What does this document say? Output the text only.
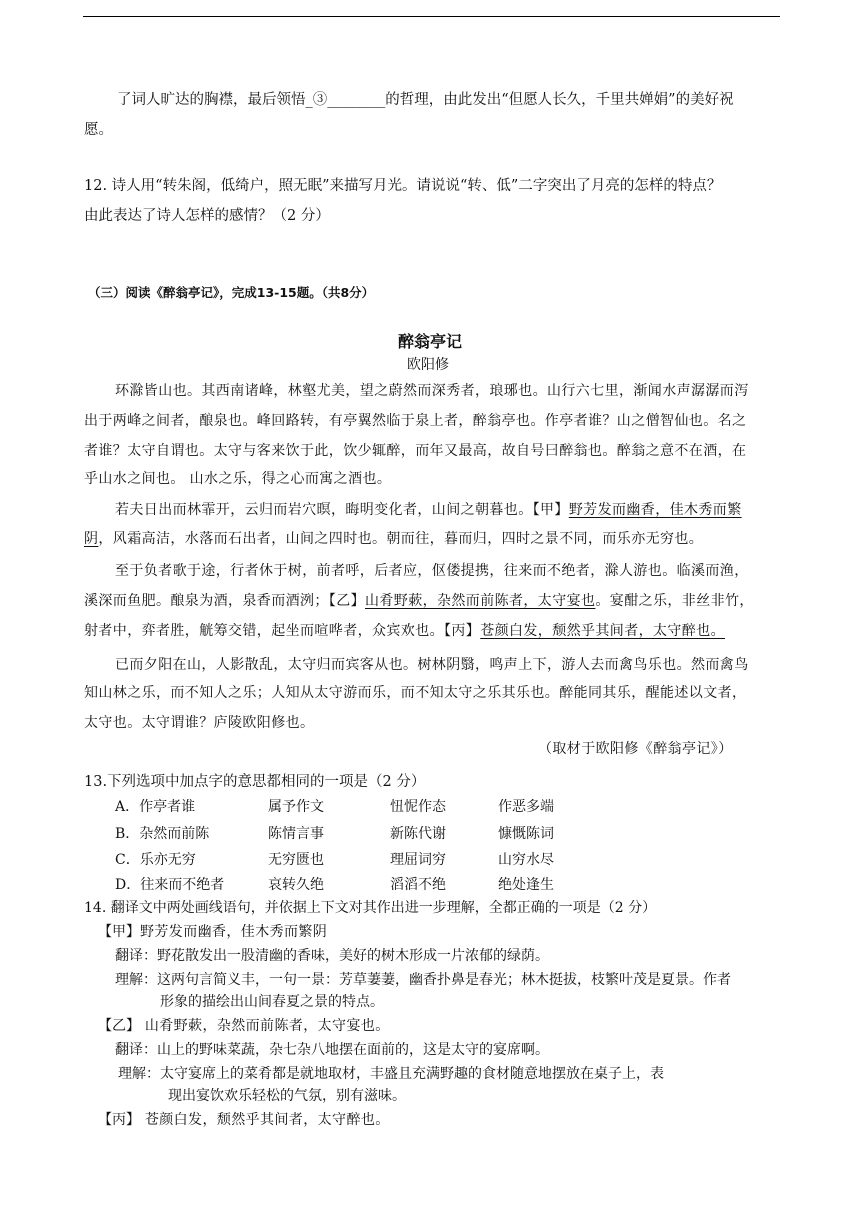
了词人旷达的胸襟，最后领悟_③________的哲理，由此发出“但愿人长久，千里共婵娟”的美好祝
愿。
12. 诗人用“转朱阁，低绮户，照无眠”来描写月光。请说说“转、低”二字突出了月亮的怎样的特点？
由此表达了诗人怎样的感情？（2 分）
（三）阅读《醉翁亭记》，完成13-15题。（共8分）
醉翁亭记
欧阳修
环滁皆山也。其西南诸峰，林壑尤美，望之蔚然而深秀者，琅琊也。山行六七里，渐闻水声潺潺而泻
出于两峰之间者，酿泉也。峰回路转，有亭翼然临于泉上者，醉翁亭也。作亭者谁？山之僧智仙也。名之
者谁？太守自谓也。太守与客来饮于此，饮少辄醉，而年又最高，故自号曰醉翁也。醉翁之意不在酒，在
乎山水之间也。 山水之乐，得之心而寓之酒也。
若夫日出而林霏开，云归而岩穴暝，晦明变化者，山间之朝暮也。【甲】野芳发而幽香，佳木秀而繁
阴，风霜高洁，水落而石出者，山间之四时也。朝而往，暮而归，四时之景不同，而乐亦无穷也。
至于负者歌于途，行者休于树，前者呼，后者应，伛偻提携，往来而不绝者，滁人游也。临溪而渔，
溪深而鱼肥。酿泉为酒，泉香而酒洌；【乙】山肴野蔌，杂然而前陈者，太守宴也。宴酣之乐，非丝非竹，
射者中，弈者胜，觥筹交错，起坐而喧哗者，众宾欢也。【丙】苍颜白发，颓然乎其间者，太守醉也。
已而夕阳在山，人影散乱，太守归而宾客从也。树林阴翳，鸣声上下，游人去而禽鸟乐也。然而禽鸟
知山林之乐，而不知人之乐；人知从太守游而乐，而不知太守之乐其乐也。醉能同其乐，醒能述以文者，
太守也。太守谓谁？庐陵欧阳修也。
（取材于欧阳修《醉翁亭记》）
13.下列选项中加点字的意思都相同的一项是（2 分）
A．作亭者谁	属予作文	忸怩作态	作恶多端
B．杂然而前陈	陈情言事	新陈代谢	慷慨陈词
C．乐亦无穷	无穷匮也	理屈词穷	山穷水尽
D．往来而不绝者	哀转久绝	滔滔不绝	绝处逢生
14. 翻译文中两处画线语句，并依据上下文对其作出进一步理解，全都正确的一项是（2 分）
【甲】野芳发而幽香，佳木秀而繁阴
翻译：野花散发出一股清幽的香味，美好的树木形成一片浓郁的绿荫。
理解：这两句言简义丰，一句一景：芳草萋萋，幽香扑鼻是春光；林木挺拔，枝繁叶茂是夏景。作者
形象的描绘出山间春夏之景的特点。
【乙】 山肴野蔌，杂然而前陈者，太守宴也。
翻译：山上的野味菜蔬，杂七杂八地摆在面前的，这是太守的宴席啊。
理解：太守宴席上的菜肴都是就地取材，丰盛且充满野趣的食材随意地摆放在桌子上，表
现出宴饮欢乐轻松的气氛，别有滋味。
【丙】 苍颜白发，颓然乎其间者，太守醉也。
